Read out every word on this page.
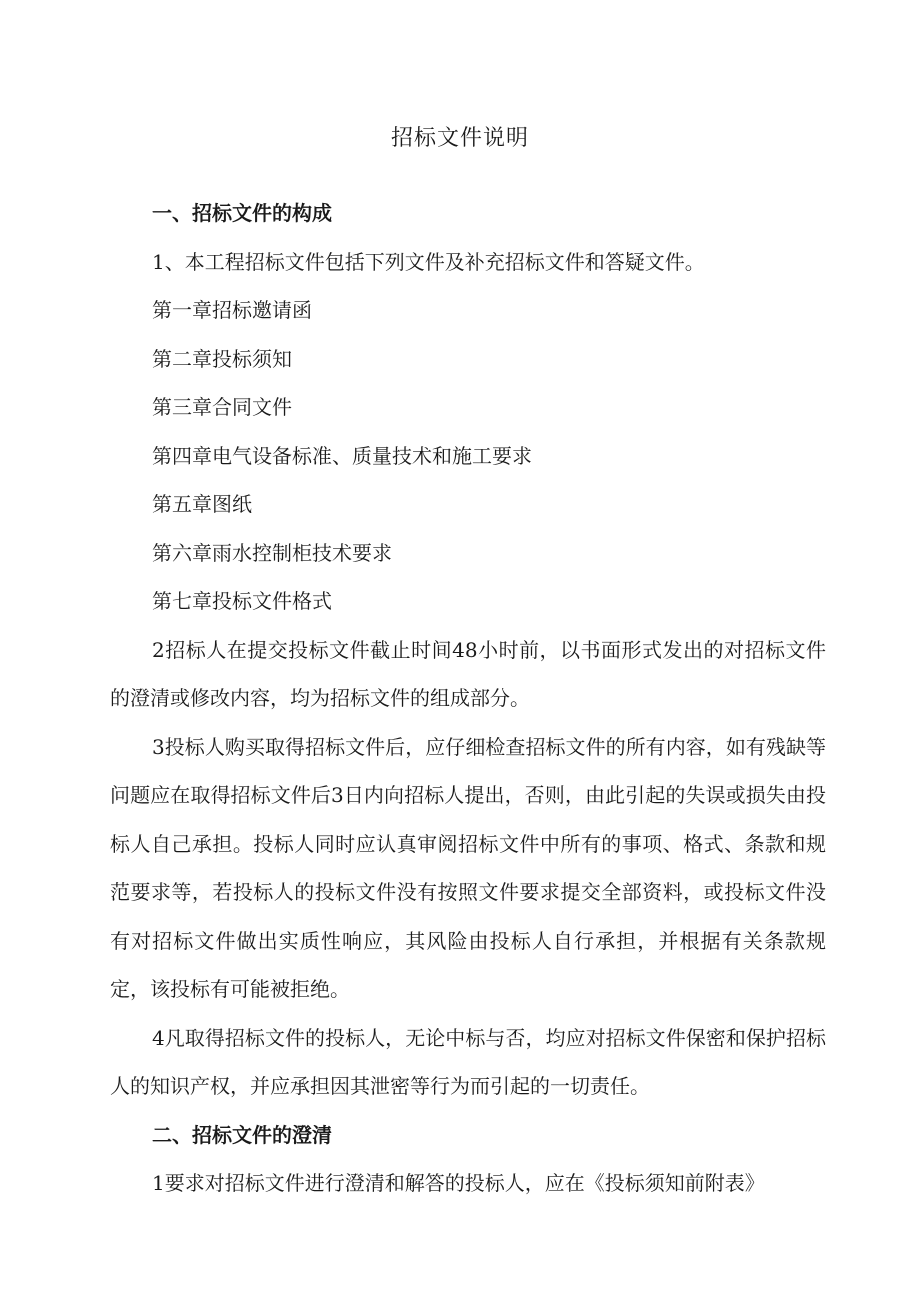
招标文件说明

一、招标文件的构成

1、本工程招标文件包括下列文件及补充招标文件和答疑文件。

第一章招标邀请函

第二章投标须知

第三章合同文件

第四章电气设备标准、质量技术和施工要求

第五章图纸

第六章雨水控制柜技术要求

第七章投标文件格式

2招标人在提交投标文件截止时间48小时前，以书面形式发出的对招标文件的澄清或修改内容，均为招标文件的组成部分。

3投标人购买取得招标文件后，应仔细检查招标文件的所有内容，如有残缺等问题应在取得招标文件后3日内向招标人提出，否则，由此引起的失误或损失由投标人自己承担。投标人同时应认真审阅招标文件中所有的事项、格式、条款和规范要求等，若投标人的投标文件没有按照文件要求提交全部资料，或投标文件没有对招标文件做出实质性响应，其风险由投标人自行承担，并根据有关条款规定，该投标有可能被拒绝。

4凡取得招标文件的投标人，无论中标与否，均应对招标文件保密和保护招标人的知识产权，并应承担因其泄密等行为而引起的一切责任。

二、招标文件的澄清

1要求对招标文件进行澄清和解答的投标人，应在《投标须知前附表》
